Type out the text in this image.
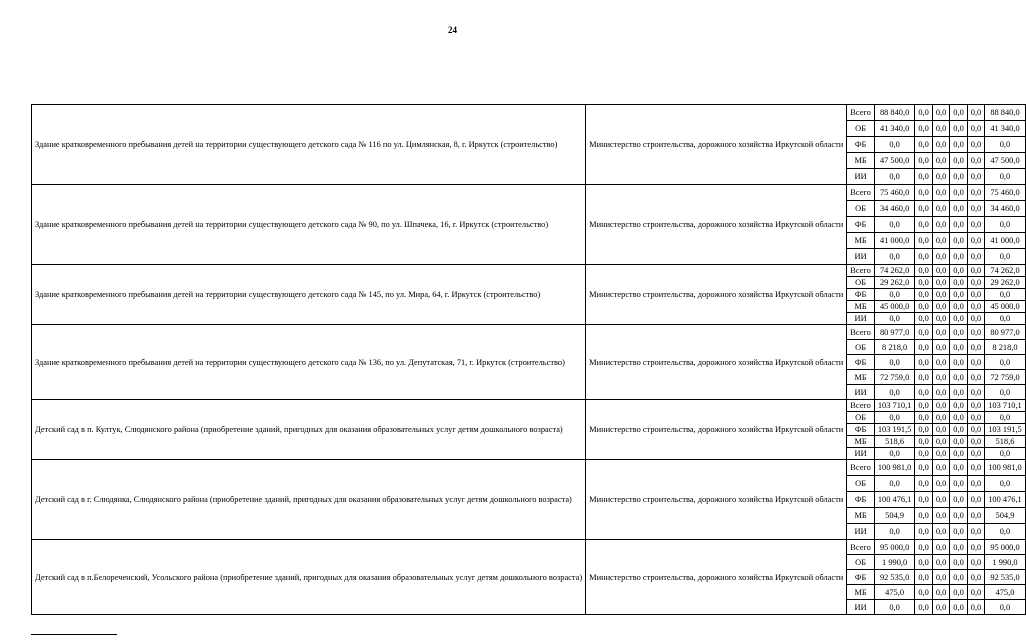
24
Здание кратковременного пребывания детей на территории существующего детского сада № 116 по ул. Цимлянская, 8, г. Иркутск (строительство)	Министерство строительства, дорожного хозяйства Иркутской области	Всего	88 840,0	0,0	0,0	0,0	0,0	88 840,0
		ОБ	41 340,0	0,0	0,0	0,0	0,0	41 340,0
		ФБ	0,0	0,0	0,0	0,0	0,0	0,0
		МБ	47 500,0	0,0	0,0	0,0	0,0	47 500,0
		ИИ	0,0	0,0	0,0	0,0	0,0	0,0
Здание кратковременного пребывания детей на территории существующего детского сада № 90, по ул. Шпачека, 16, г. Иркутск (строительство)	Министерство строительства, дорожного хозяйства Иркутской области	Всего	75 460,0	0,0	0,0	0,0	0,0	75 460,0
		ОБ	34 460,0	0,0	0,0	0,0	0,0	34 460,0
		ФБ	0,0	0,0	0,0	0,0	0,0	0,0
		МБ	41 000,0	0,0	0,0	0,0	0,0	41 000,0
		ИИ	0,0	0,0	0,0	0,0	0,0	0,0
Здание кратковременного пребывания детей на территории существующего детского сада № 145, по ул. Мира, 64, г. Иркутск (строительство)	Министерство строительства, дорожного хозяйства Иркутской области	Всего	74 262,0	0,0	0,0	0,0	0,0	74 262,0
		ОБ	29 262,0	0,0	0,0	0,0	0,0	29 262,0
		ФБ	0,0	0,0	0,0	0,0	0,0	0,0
		МБ	45 000,0	0,0	0,0	0,0	0,0	45 000,0
		ИИ	0,0	0,0	0,0	0,0	0,0	0,0
Здание кратковременного пребывания детей на территории существующего детского сада № 136, по ул. Депутатская, 71, г. Иркутск (строительство)	Министерство строительства, дорожного хозяйства Иркутской области	Всего	80 977,0	0,0	0,0	0,0	0,0	80 977,0
		ОБ	8 218,0	0,0	0,0	0,0	0,0	8 218,0
		ФБ	0,0	0,0	0,0	0,0	0,0	0,0
		МБ	72 759,0	0,0	0,0	0,0	0,0	72 759,0
		ИИ	0,0	0,0	0,0	0,0	0,0	0,0
Детский сад в п. Култук, Слюдянского района (приобретение зданий, пригодных для оказания образовательных услуг детям дошкольного возраста)	Министерство строительства, дорожного хозяйства Иркутской области	Всего	103 710,1	0,0	0,0	0,0	0,0	103 710,1
		ОБ	0,0	0,0	0,0	0,0	0,0	0,0
		ФБ	103 191,5	0,0	0,0	0,0	0,0	103 191,5
		МБ	518,6	0,0	0,0	0,0	0,0	518,6
		ИИ	0,0	0,0	0,0	0,0	0,0	0,0
Детский сад в г. Слюдянка, Слюдянского района (приобретение зданий, пригодных для оказания образовательных услуг детям дошкольного возраста)	Министерство строительства, дорожного хозяйства Иркутской области	Всего	100 981,0	0,0	0,0	0,0	0,0	100 981,0
		ОБ	0,0	0,0	0,0	0,0	0,0	0,0
		ФБ	100 476,1	0,0	0,0	0,0	0,0	100 476,1
		МБ	504,9	0,0	0,0	0,0	0,0	504,9
		ИИ	0,0	0,0	0,0	0,0	0,0	0,0
Детский сад в п.Белореченский, Усольского района (приобретение зданий, пригодных для оказания образовательных услуг детям дошкольного возраста)	Министерство строительства, дорожного хозяйства Иркутской области	Всего	95 000,0	0,0	0,0	0,0	0,0	95 000,0
		ОБ	1 990,0	0,0	0,0	0,0	0,0	1 990,0
		ФБ	92 535,0	0,0	0,0	0,0	0,0	92 535,0
		МБ	475,0	0,0	0,0	0,0	0,0	475,0
		ИИ	0,0	0,0	0,0	0,0	0,0	0,0
